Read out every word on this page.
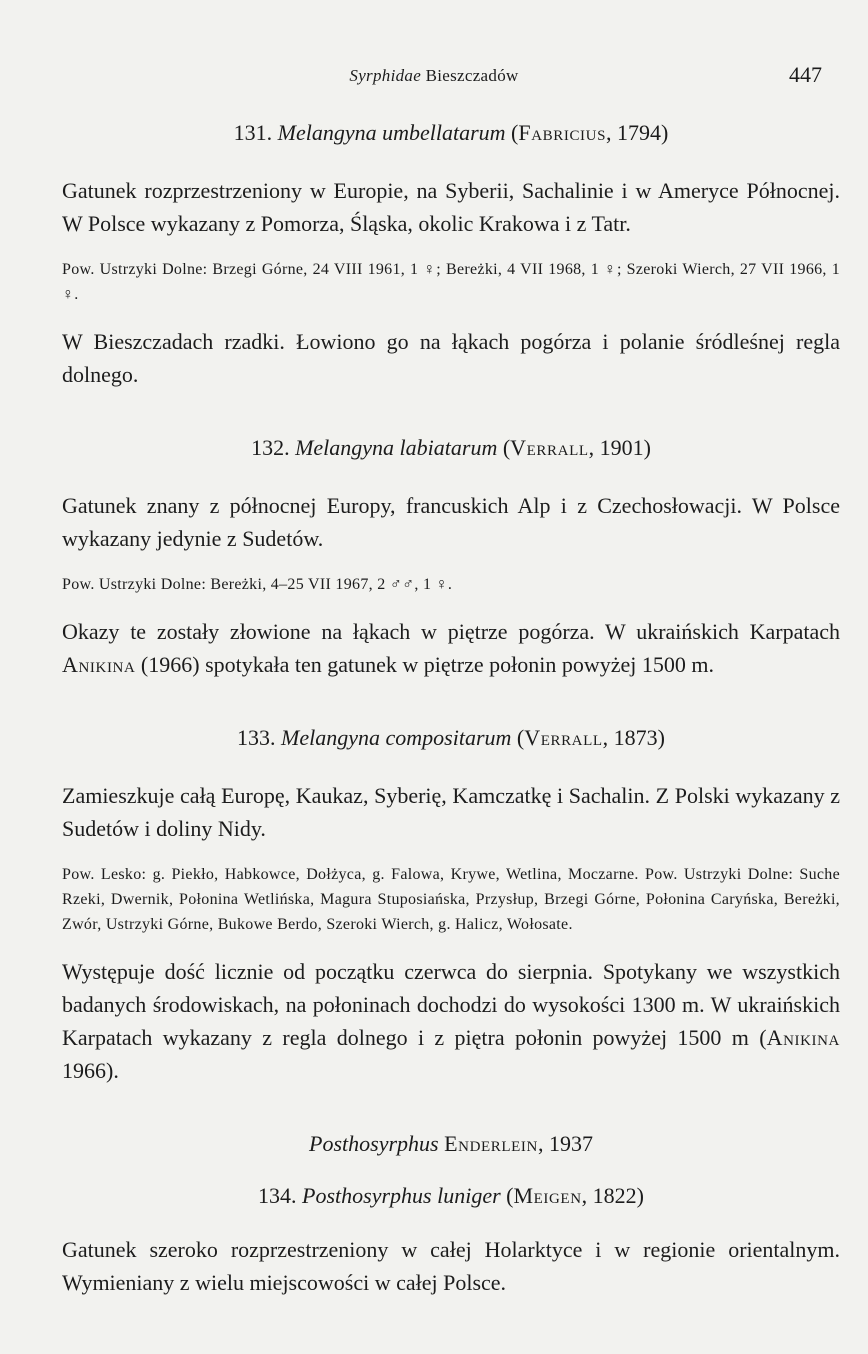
Syrphidae Bieszczadów	447
131. Melangyna umbellatarum (Fabricius, 1794)

Gatunek rozprzestrzeniony w Europie, na Syberii, Sachalinie i w Ameryce Północnej. W Polsce wykazany z Pomorza, Śląska, okolic Krakowa i z Tatr.

Pow. Ustrzyki Dolne: Brzegi Górne, 24 VIII 1961, 1 ♀; Bereżki, 4 VII 1968, 1 ♀; Szeroki Wierch, 27 VII 1966, 1 ♀.

W Bieszczadach rzadki. Łowiono go na łąkach pogórza i polanie śródleśnej regla dolnego.

132. Melangyna labiatarum (Verrall, 1901)

Gatunek znany z północnej Europy, francuskich Alp i z Czechosłowacji. W Polsce wykazany jedynie z Sudetów.

Pow. Ustrzyki Dolne: Bereżki, 4–25 VII 1967, 2 ♂♂, 1 ♀.

Okazy te zostały złowione na łąkach w piętrze pogórza. W ukraińskich Karpatach Anikina (1966) spotykała ten gatunek w piętrze połonin powyżej 1500 m.

133. Melangyna compositarum (Verrall, 1873)

Zamieszkuje całą Europę, Kaukaz, Syberię, Kamczatkę i Sachalin. Z Polski wykazany z Sudetów i doliny Nidy.

Pow. Lesko: g. Piekło, Habkowce, Dołżyca, g. Falowa, Krywe, Wetlina, Moczarne. Pow. Ustrzyki Dolne: Suche Rzeki, Dwernik, Połonina Wetlińska, Magura Stuposiańska, Przysłup, Brzegi Górne, Połonina Caryńska, Bereżki, Zwór, Ustrzyki Górne, Bukowe Berdo, Szeroki Wierch, g. Halicz, Wołosate.

Występuje dość licznie od początku czerwca do sierpnia. Spotykany we wszystkich badanych środowiskach, na połoninach dochodzi do wysokości 1300 m. W ukraińskich Karpatach wykazany z regla dolnego i z piętra połonin powyżej 1500 m (Anikina 1966).

Posthosyrphus Enderlein, 1937
134. Posthosyrphus luniger (Meigen, 1822)

Gatunek szeroko rozprzestrzeniony w całej Holarktyce i w regionie orientalnym. Wymieniany z wielu miejscowości w całej Polsce.
